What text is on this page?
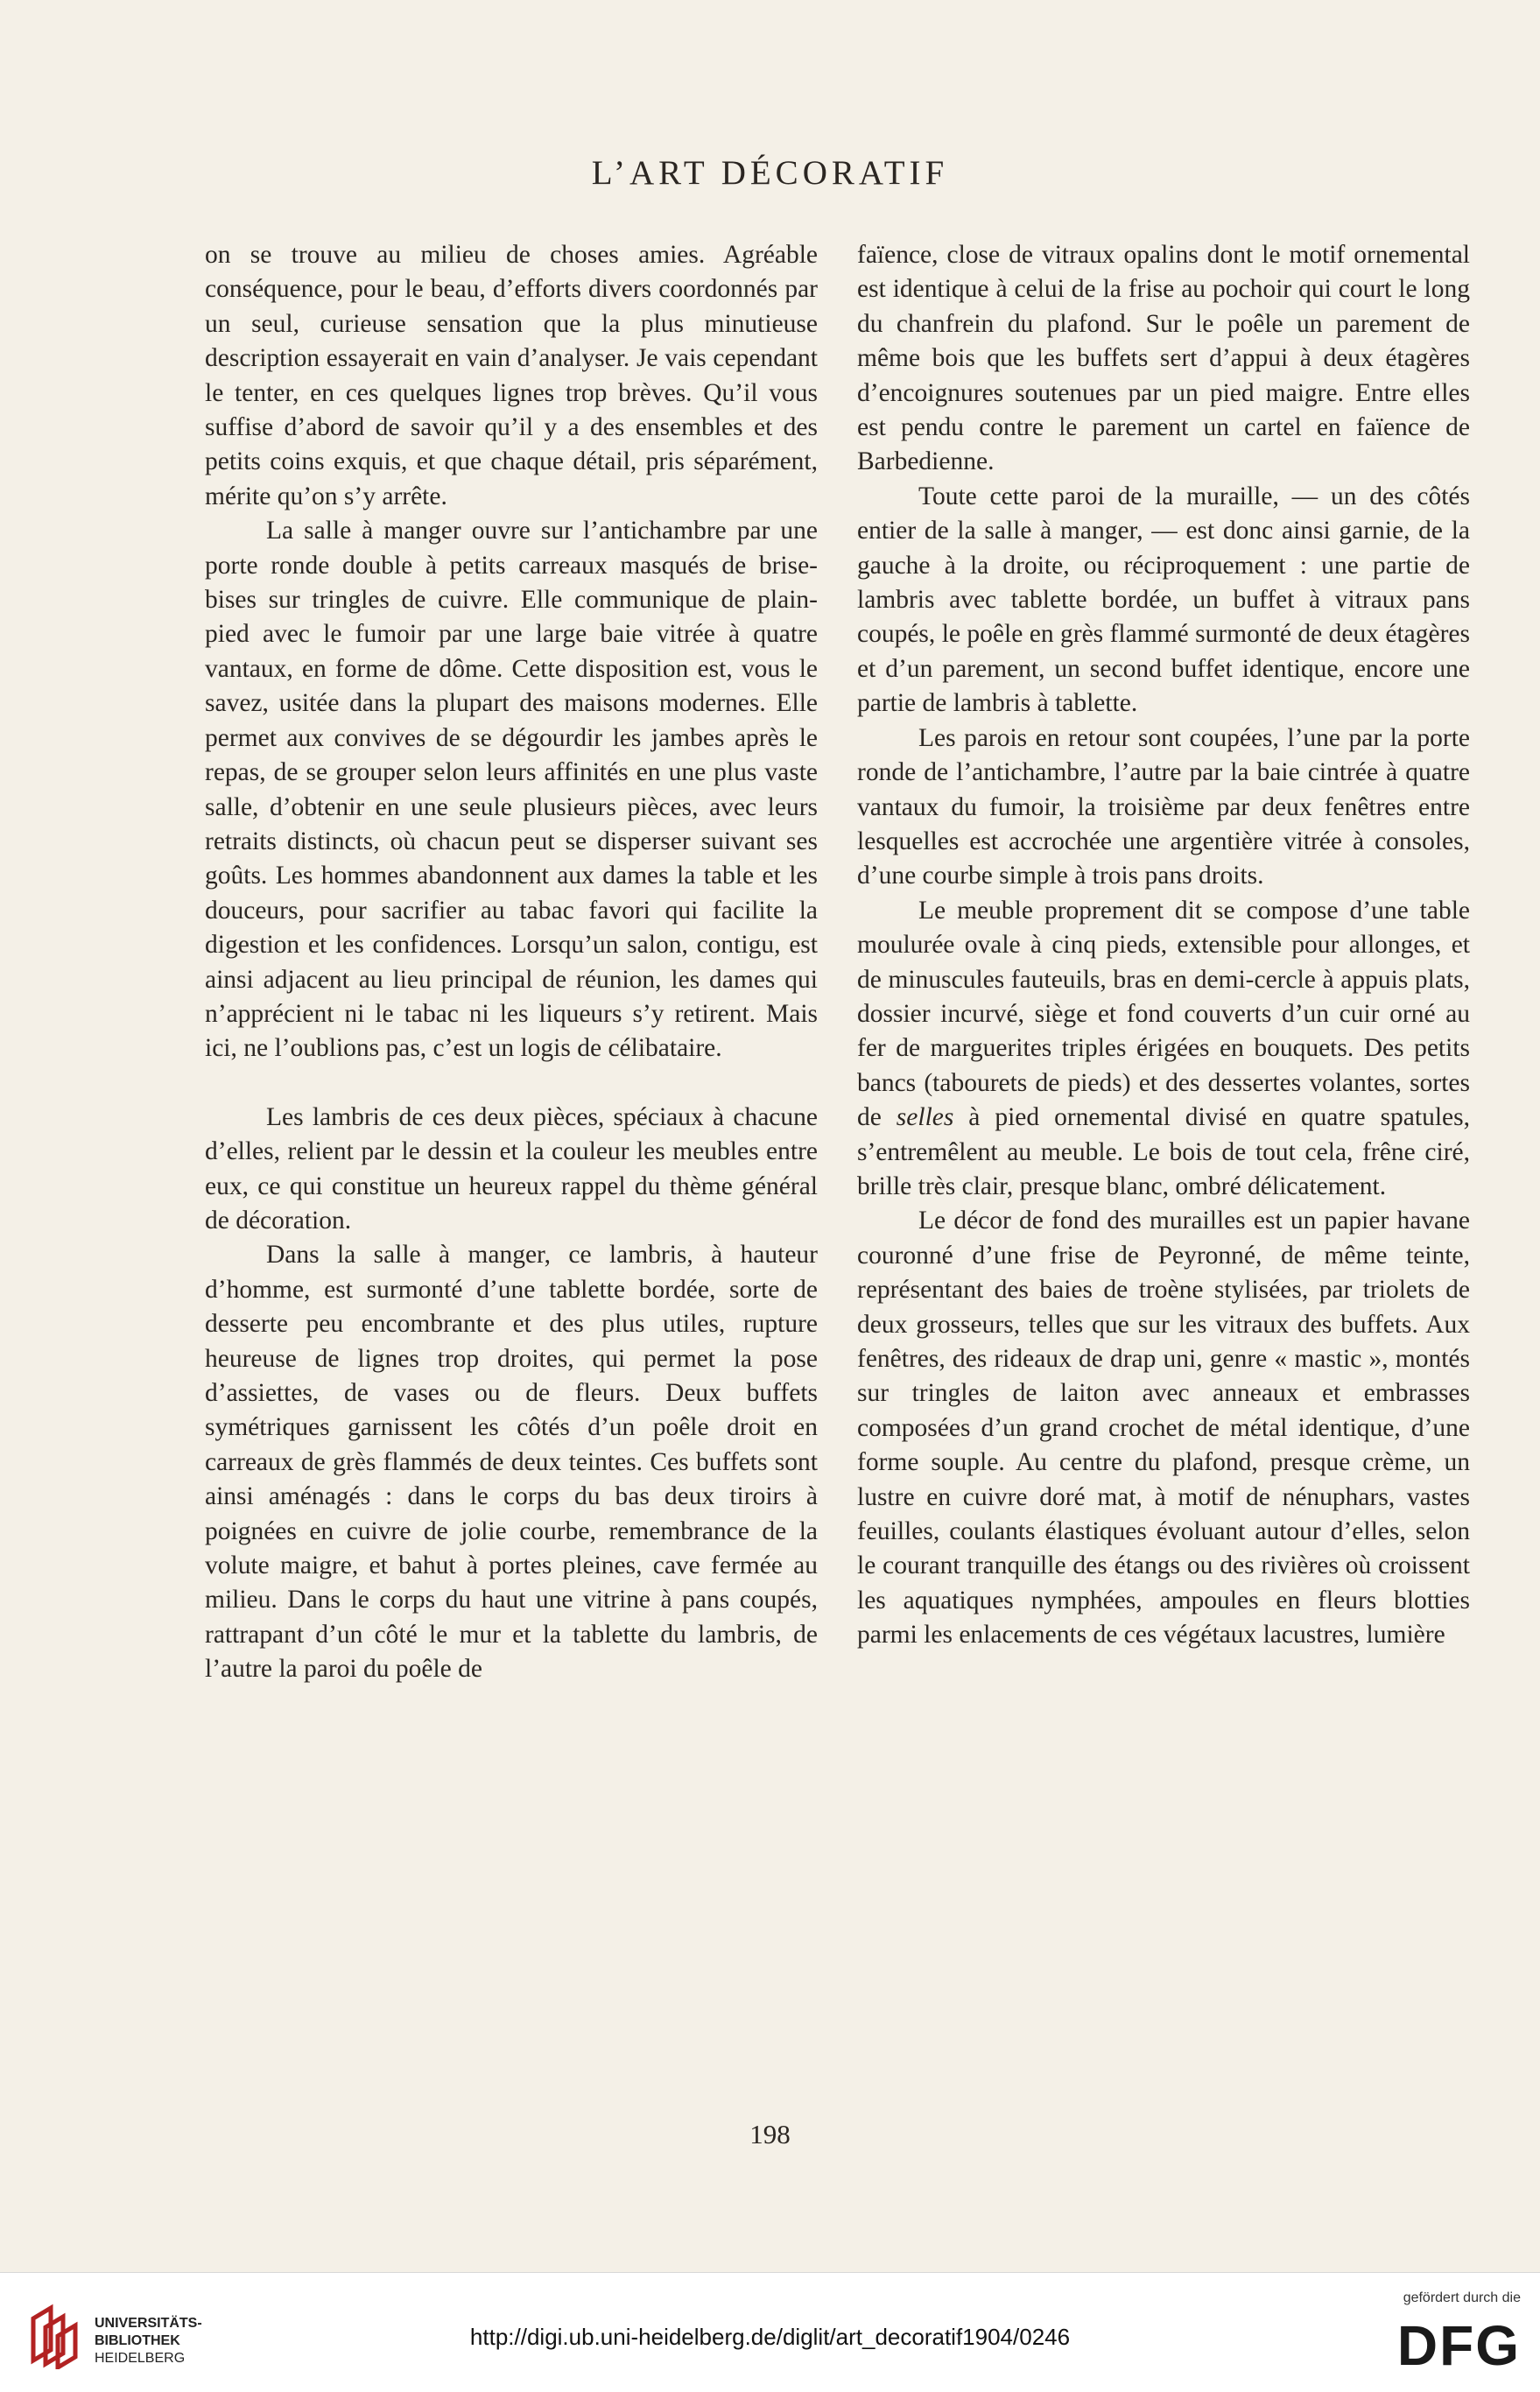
L’ART DÉCORATIF

on se trouve au milieu de choses amies. Agréable conséquence, pour le beau, d’efforts divers coordonnés par un seul, curieuse sensation que la plus minutieuse description essayerait en vain d’analyser. Je vais cependant le tenter, en ces quelques lignes trop brèves. Qu’il vous suffise d’abord de savoir qu’il y a des ensembles et des petits coins exquis, et que chaque détail, pris séparément, mérite qu’on s’y arrête.

La salle à manger ouvre sur l’antichambre par une porte ronde double à petits carreaux masqués de brise-bises sur tringles de cuivre. Elle communique de plain-pied avec le fumoir par une large baie vitrée à quatre vantaux, en forme de dôme. Cette disposition est, vous le savez, usitée dans la plupart des maisons modernes. Elle permet aux convives de se dégourdir les jambes après le repas, de se grouper selon leurs affinités en une plus vaste salle, d’obtenir en une seule plusieurs pièces, avec leurs retraits distincts, où chacun peut se disperser suivant ses goûts. Les hommes abandonnent aux dames la table et les douceurs, pour sacrifier au tabac favori qui facilite la digestion et les confidences. Lorsqu’un salon, contigu, est ainsi adjacent au lieu principal de réunion, les dames qui n’apprécient ni le tabac ni les liqueurs s’y retirent. Mais ici, ne l’oublions pas, c’est un logis de célibataire.

Les lambris de ces deux pièces, spéciaux à chacune d’elles, relient par le dessin et la couleur les meubles entre eux, ce qui constitue un heureux rappel du thème général de décoration.

Dans la salle à manger, ce lambris, à hauteur d’homme, est surmonté d’une tablette bordée, sorte de desserte peu encombrante et des plus utiles, rupture heureuse de lignes trop droites, qui permet la pose d’assiettes, de vases ou de fleurs. Deux buffets symétriques garnissent les côtés d’un poêle droit en carreaux de grès flammés de deux teintes. Ces buffets sont ainsi aménagés : dans le corps du bas deux tiroirs à poignées en cuivre de jolie courbe, remembrance de la volute maigre, et bahut à portes pleines, cave fermée au milieu. Dans le corps du haut une vitrine à pans coupés, rattrapant d’un côté le mur et la tablette du lambris, de l’autre la paroi du poêle de

faïence, close de vitraux opalins dont le motif ornemental est identique à celui de la frise au pochoir qui court le long du chanfrein du plafond. Sur le poêle un parement de même bois que les buffets sert d’appui à deux étagères d’encoignures soutenues par un pied maigre. Entre elles est pendu contre le parement un cartel en faïence de Barbedienne.

Toute cette paroi de la muraille, — un des côtés entier de la salle à manger, — est donc ainsi garnie, de la gauche à la droite, ou réciproquement : une partie de lambris avec tablette bordée, un buffet à vitraux pans coupés, le poêle en grès flammé surmonté de deux étagères et d’un parement, un second buffet identique, encore une partie de lambris à tablette.

Les parois en retour sont coupées, l’une par la porte ronde de l’antichambre, l’autre par la baie cintrée à quatre vantaux du fumoir, la troisième par deux fenêtres entre lesquelles est accrochée une argentière vitrée à consoles, d’une courbe simple à trois pans droits.

Le meuble proprement dit se compose d’une table moulurée ovale à cinq pieds, extensible pour allonges, et de minuscules fauteuils, bras en demi-cercle à appuis plats, dossier incurvé, siège et fond couverts d’un cuir orné au fer de marguerites triples érigées en bouquets. Des petits bancs (tabourets de pieds) et des dessertes volantes, sortes de selles à pied ornemental divisé en quatre spatules, s’entremêlent au meuble. Le bois de tout cela, frêne ciré, brille très clair, presque blanc, ombré délicatement.

Le décor de fond des murailles est un papier havane couronné d’une frise de Peyronné, de même teinte, représentant des baies de troène stylisées, par triolets de deux grosseurs, telles que sur les vitraux des buffets. Aux fenêtres, des rideaux de drap uni, genre « mastic », montés sur tringles de laiton avec anneaux et embrasses composées d’un grand crochet de métal identique, d’une forme souple. Au centre du plafond, presque crème, un lustre en cuivre doré mat, à motif de nénuphars, vastes feuilles, coulants élastiques évoluant autour d’elles, selon le courant tranquille des étangs ou des rivières où croissent les aquatiques nymphées, ampoules en fleurs blotties parmi les enlacements de ces végétaux lacustres, lumière

198
UNIVERSITÄTS-
BIBLIOTHEK
HEIDELBERG
http://digi.ub.uni-heidelberg.de/diglit/art_decoratif1904/0246
gefördert durch die
DFG
